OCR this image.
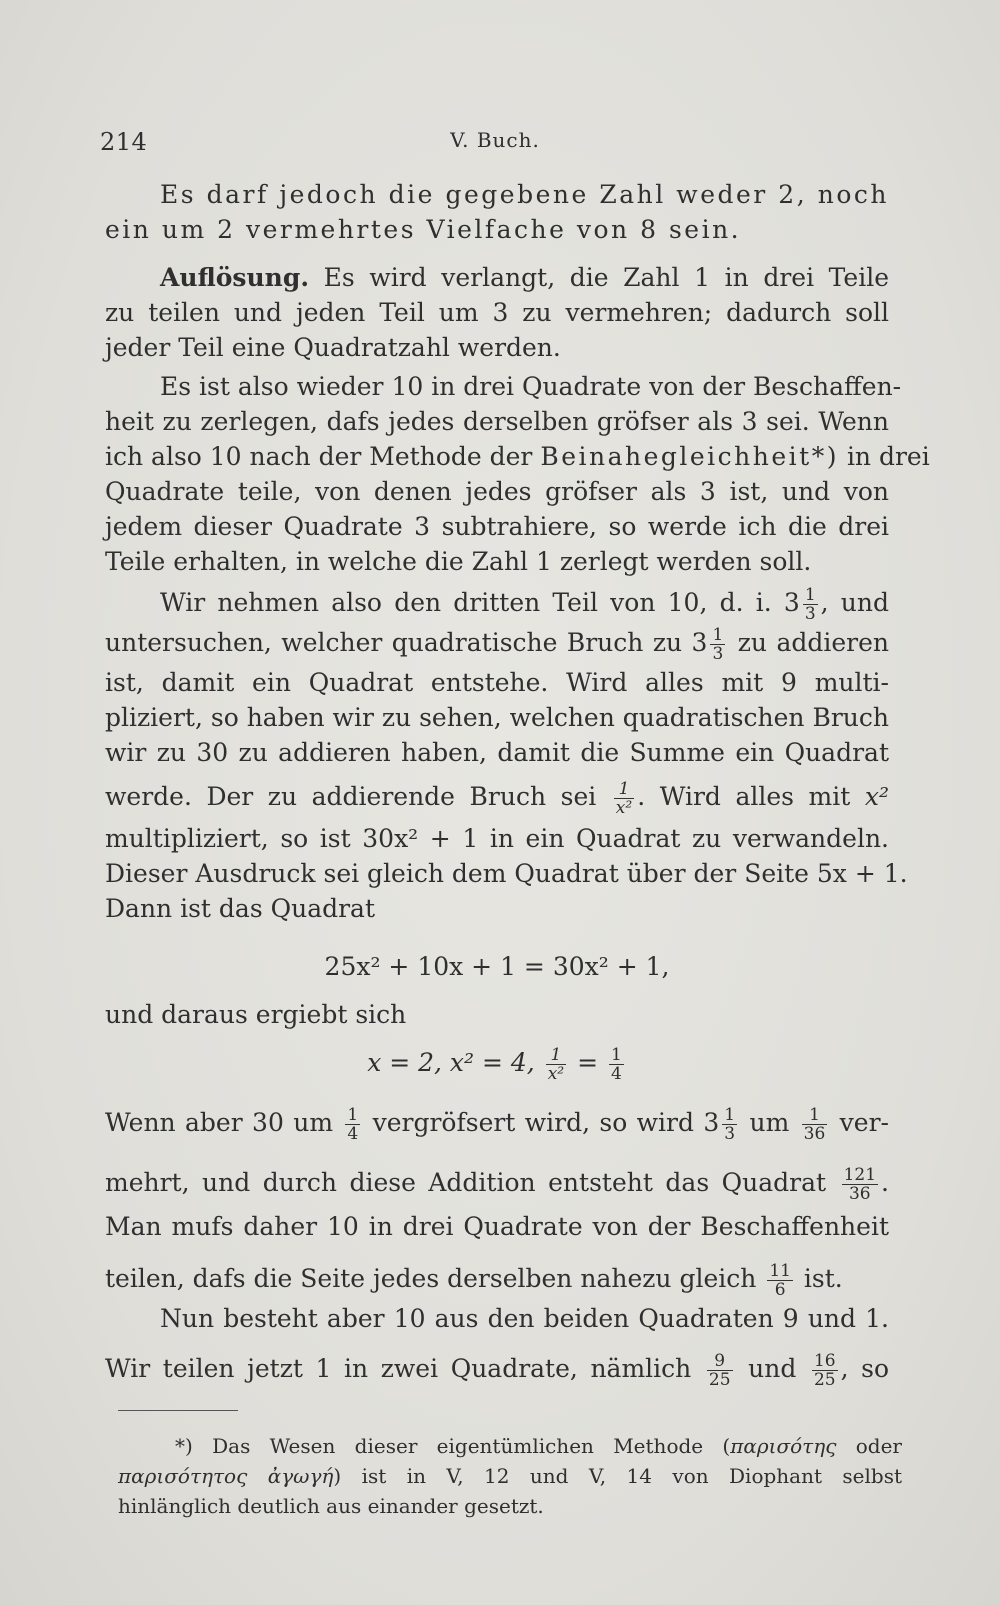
214	V. Buch.
Es darf jedoch die gegebene Zahl weder 2, noch
ein um 2 vermehrtes Vielfache von 8 sein.
Auflösung. Es wird verlangt, die Zahl 1 in drei Teile
zu teilen und jeden Teil um 3 zu vermehren; dadurch soll
jeder Teil eine Quadratzahl werden.
Es ist also wieder 10 in drei Quadrate von der Beschaffen-
heit zu zerlegen, dafs jedes derselben gröfser als 3 sei. Wenn
ich also 10 nach der Methode der Beinahegleichheit*) in drei
Quadrate teile, von denen jedes gröfser als 3 ist, und von
jedem dieser Quadrate 3 subtrahiere, so werde ich die drei
Teile erhalten, in welche die Zahl 1 zerlegt werden soll.
Wir nehmen also den dritten Teil von 10, d. i. $3 \frac{1}{3}$ , und
untersuchen, welcher quadratische Bruch zu $3 \frac{1}{3}$ zu addieren
ist, damit ein Quadrat entstehe. Wird alles mit 9 multi-
pliziert, so haben wir zu sehen, welchen quadratischen Bruch
wir zu 30 zu addieren haben, damit die Summe ein Quadrat
werde. Der zu addierende Bruch sei $\frac{1}{\text{x²}}$ . Wird alles mit x²
multipliziert, so ist 30x² + 1 in ein Quadrat zu verwandeln.
Dieser Ausdruck sei gleich dem Quadrat über der Seite 5x + 1.
Dann ist das Quadrat
25x² + 10x + 1 = 30x² + 1,
und daraus ergiebt sich
x = 2, x² = 4, $\frac{1}{\text{x²}} = \frac{1}{4}$
Wenn aber 30 um $\frac{1}{4}$ vergröfsert wird, so wird $3 \frac{1}{3}$ um $\frac{1}{36} ver-$
mehrt, und durch diese Addition entsteht das Quadrat $\frac{121}{36}$ .
Man mufs daher 10 in drei Quadrate von der Beschaffenheit
teilen, dafs die Seite jedes derselben nahezu gleich $\frac{11}{6}$ ist.
Nun besteht aber 10 aus den beiden Quadraten 9 und 1.
Wir teilen jetzt 1 in zwei Quadrate, nämlich $\frac{9}{25}$ und $\frac{16}{25}$ , so
*) Das Wesen dieser eigentümlichen Methode (παρισότης oder
παρισότητος ἀγωγή) ist in V, 12 und V, 14 von Diophant selbst
hinlänglich deutlich aus einander gesetzt.
